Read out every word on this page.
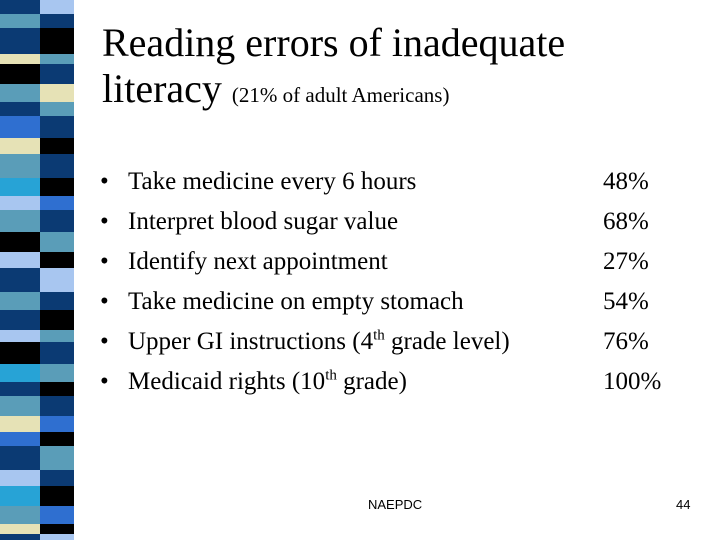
Reading errors of inadequate
literacy (21% of adult Americans)
• Take medicine every 6 hours	48%
• Interpret blood sugar value	68%
• Identify next appointment	27%
• Take medicine on empty stomach	54%
• Upper GI instructions (4th grade level)	76%
• Medicaid rights (10th grade)	100%
NAEPDC	44
